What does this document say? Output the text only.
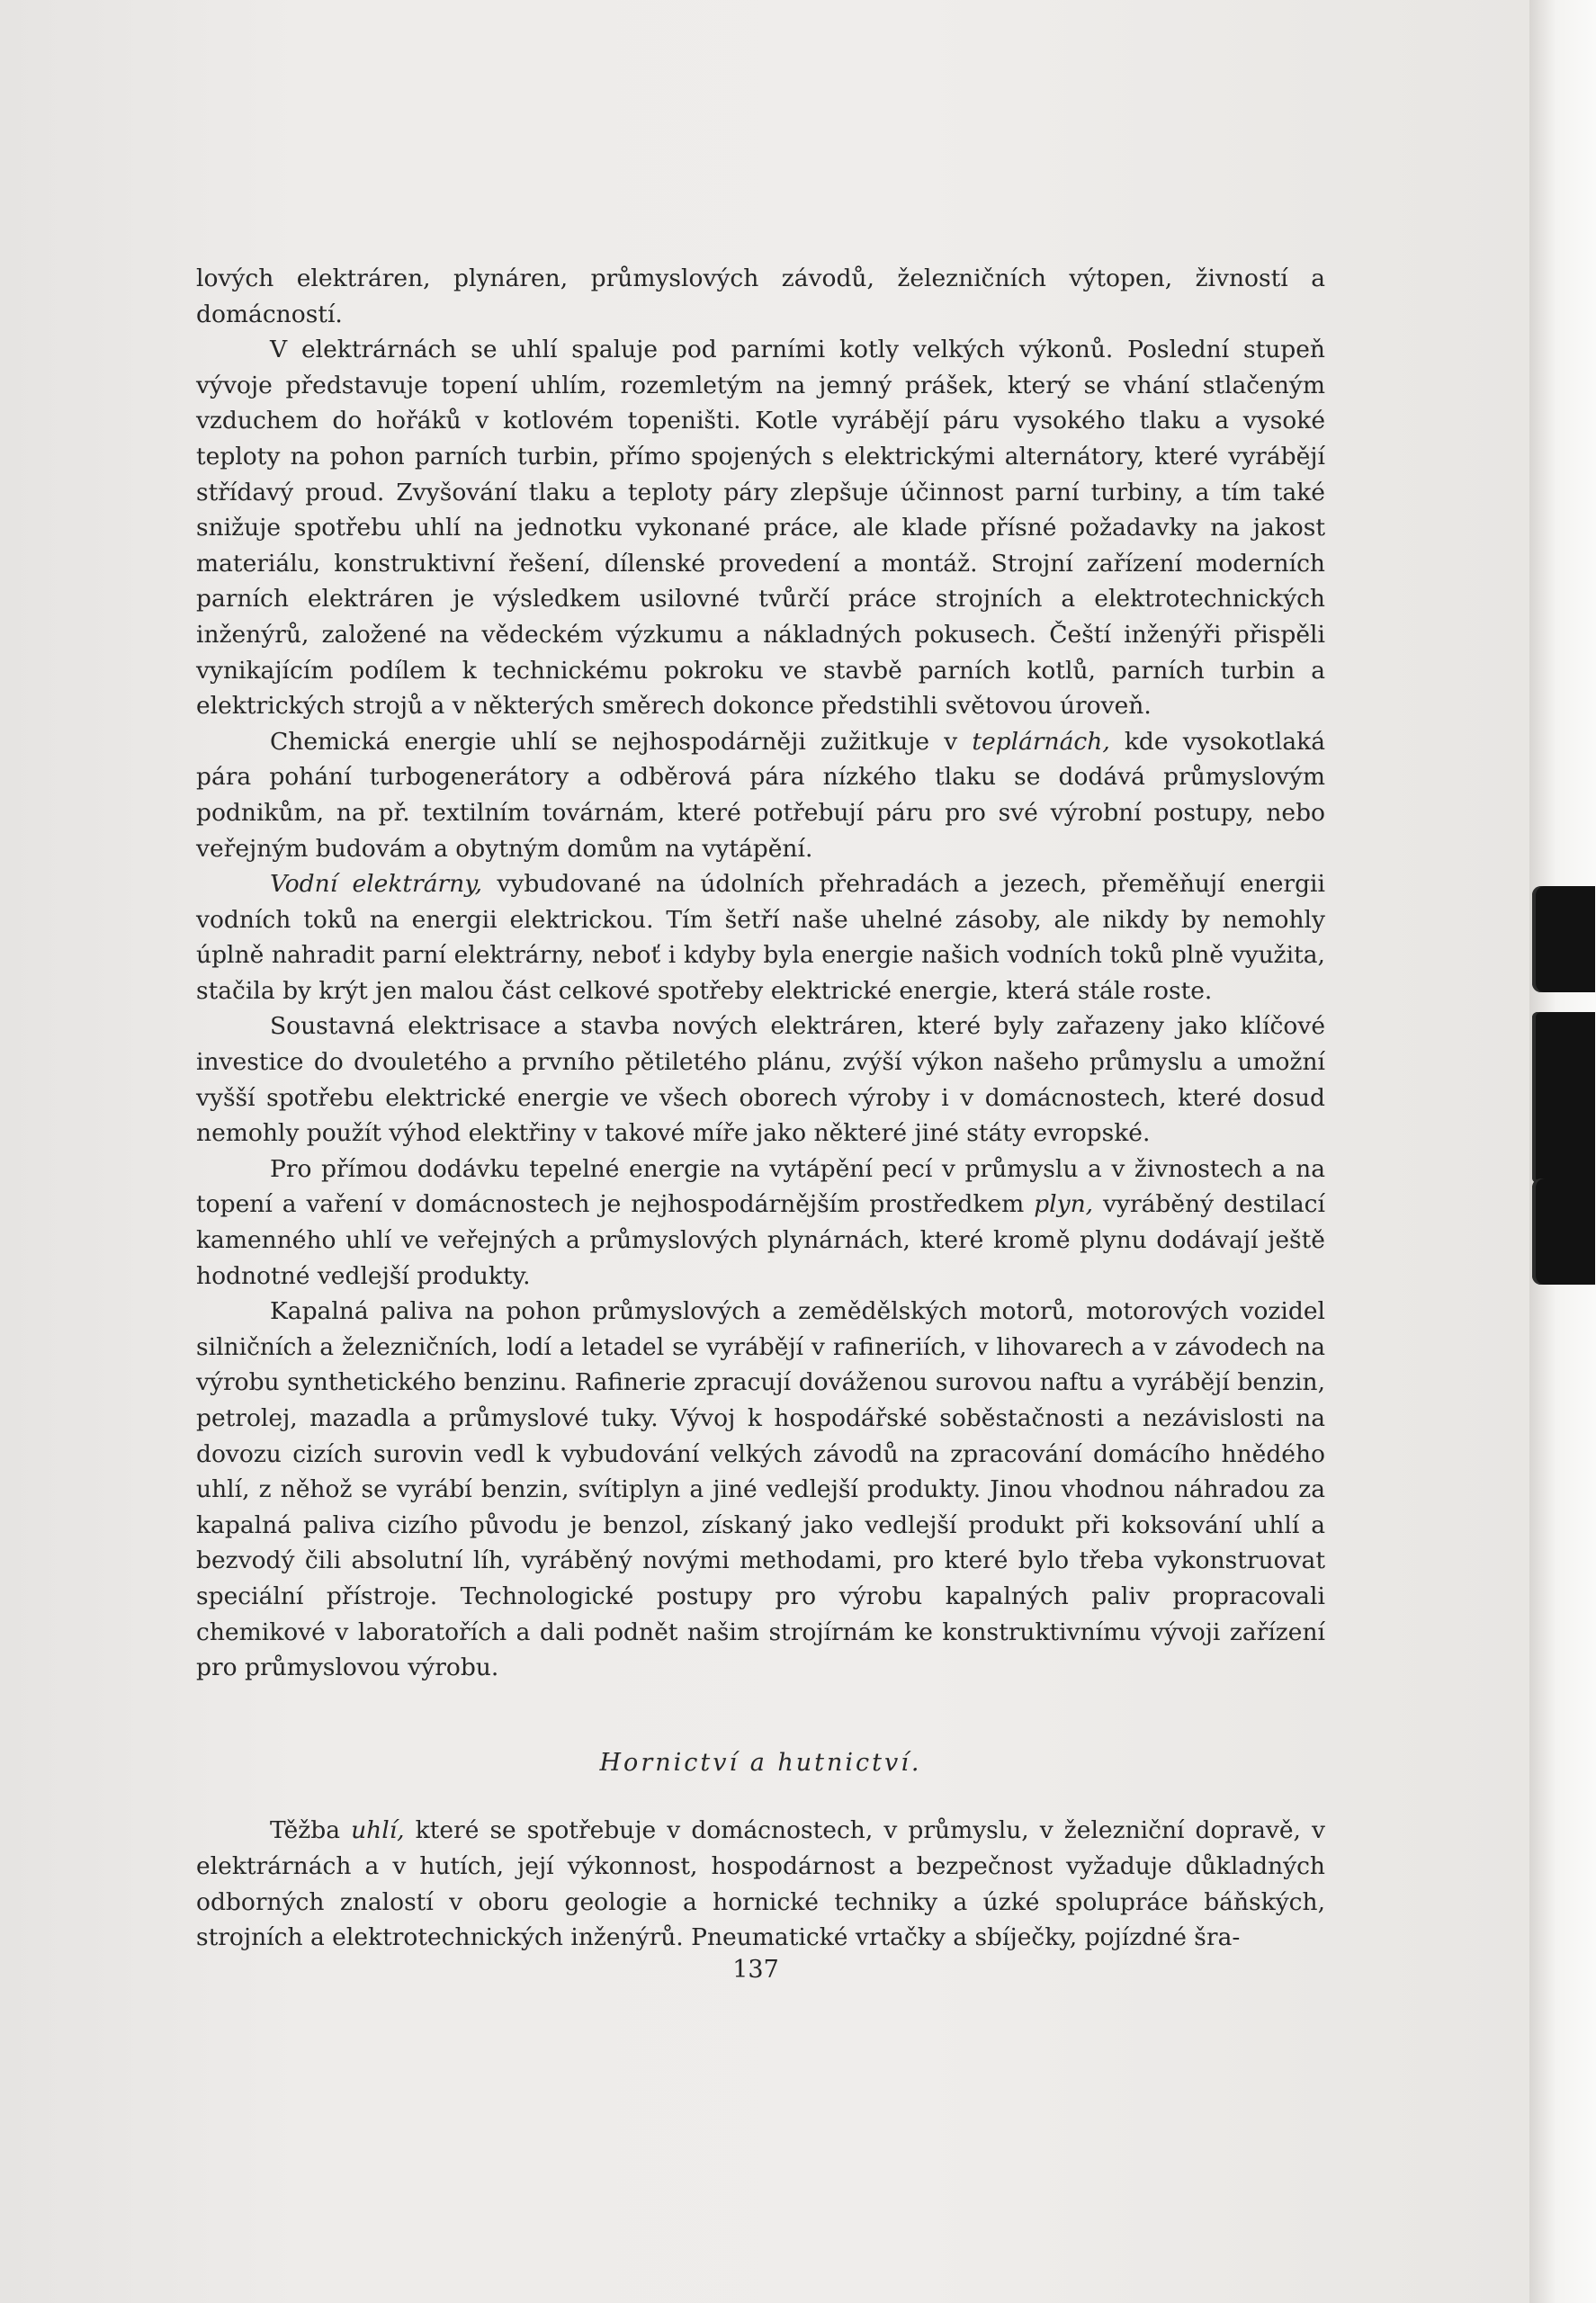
lových elektráren, plynáren, průmyslových závodů, železničních výtopen, živností a domácností.

V elektrárnách se uhlí spaluje pod parními kotly velkých výkonů. Poslední stupeň vývoje představuje topení uhlím, rozemletým na jemný prášek, který se vhání stlačeným vzduchem do hořáků v kotlovém topeništi. Kotle vyrábějí páru vysokého tlaku a vysoké teploty na pohon parních turbin, přímo spojených s elektrickými alternátory, které vyrábějí střídavý proud. Zvyšování tlaku a teploty páry zlepšuje účinnost parní turbiny, a tím také snižuje spotřebu uhlí na jednotku vykonané práce, ale klade přísné požadavky na jakost materiálu, konstruktivní řešení, dílenské provedení a montáž. Strojní zařízení moderních parních elektráren je výsledkem usilovné tvůrčí práce strojních a elektrotechnických inženýrů, založené na vědeckém výzkumu a nákladných pokusech. Čeští inženýři přispěli vynikajícím podílem k technickému pokroku ve stavbě parních kotlů, parních turbin a elektrických strojů a v některých směrech dokonce předstihli světovou úroveň.

Chemická energie uhlí se nejhospodárněji zužitkuje v teplárnách, kde vysokotlaká pára pohání turbogenerátory a odběrová pára nízkého tlaku se dodává průmyslovým podnikům, na př. textilním továrnám, které potřebují páru pro své výrobní postupy, nebo veřejným budovám a obytným domům na vytápění.

Vodní elektrárny, vybudované na údolních přehradách a jezech, přeměňují energii vodních toků na energii elektrickou. Tím šetří naše uhelné zásoby, ale nikdy by nemohly úplně nahradit parní elektrárny, neboť i kdyby byla energie našich vodních toků plně využita, stačila by krýt jen malou část celkové spotřeby elektrické energie, která stále roste.

Soustavná elektrisace a stavba nových elektráren, které byly zařazeny jako klíčové investice do dvouletého a prvního pětiletého plánu, zvýší výkon našeho průmyslu a umožní vyšší spotřebu elektrické energie ve všech oborech výroby i v domácnostech, které dosud nemohly použít výhod elektřiny v takové míře jako některé jiné státy evropské.

Pro přímou dodávku tepelné energie na vytápění pecí v průmyslu a v živnostech a na topení a vaření v domácnostech je nejhospodárnějším prostředkem plyn, vyráběný destilací kamenného uhlí ve veřejných a průmyslových plynárnách, které kromě plynu dodávají ještě hodnotné vedlejší produkty.

Kapalná paliva na pohon průmyslových a zemědělských motorů, motorových vozidel silničních a železničních, lodí a letadel se vyrábějí v rafineriích, v lihovarech a v závodech na výrobu synthetického benzinu. Rafinerie zpracují dováženou surovou naftu a vyrábějí benzin, petrolej, mazadla a průmyslové tuky. Vývoj k hospodářské soběstačnosti a nezávislosti na dovozu cizích surovin vedl k vybudování velkých závodů na zpracování domácího hnědého uhlí, z něhož se vyrábí benzin, svítiplyn a jiné vedlejší produkty. Jinou vhodnou náhradou za kapalná paliva cizího původu je benzol, získaný jako vedlejší produkt při koksování uhlí a bezvodý čili absolutní líh, vyráběný novými methodami, pro které bylo třeba vykonstruovat speciální přístroje. Technologické postupy pro výrobu kapalných paliv propracovali chemikové v laboratořích a dali podnět našim strojírnám ke konstruktivnímu vývoji zařízení pro průmyslovou výrobu.

Hornictví a hutnictví.

Těžba uhlí, které se spotřebuje v domácnostech, v průmyslu, v železniční dopravě, v elektrárnách a v hutích, její výkonnost, hospodárnost a bezpečnost vyžaduje důkladných odborných znalostí v oboru geologie a hornické techniky a úzké spolupráce báňských, strojních a elektrotechnických inženýrů. Pneumatické vrtačky a sbíječky, pojízdné šra-

137
